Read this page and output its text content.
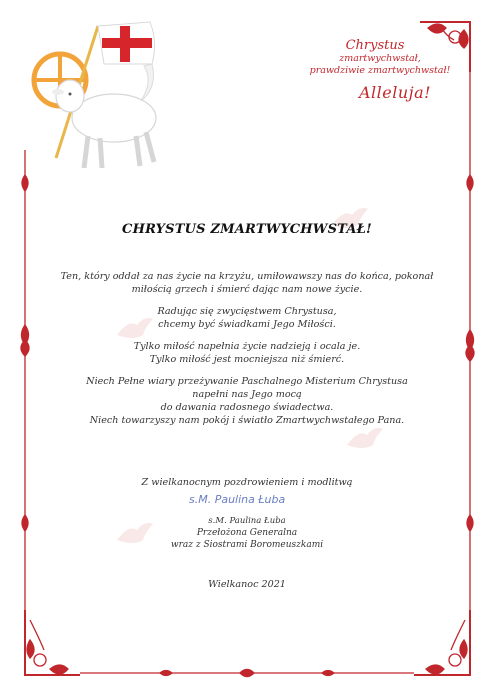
Chrystus
zmartwychwstał,
prawdziwie zmartwychwstał!
Alleluja!
CHRYSTUS ZMARTWYCHWSTAŁ!

Ten, który oddał za nas życie na krzyżu, umiłowawszy nas do końca, pokonał
miłością grzech i śmierć dając nam nowe życie.

Radując się zwycięstwem Chrystusa,
chcemy być świadkami Jego Miłości.

Tylko miłość napełnia życie nadzieją i ocala je.
Tylko miłość jest mocniejsza niż śmierć.

Niech Pełne wiary przeżywanie Paschalnego Misterium Chrystusa
napełni nas Jego mocą
do dawania radosnego świadectwa.
Niech towarzyszy nam pokój i światło Zmartwychwstałego Pana.

Z wielkanocnym pozdrowieniem i modlitwą
s.M. Paulina Łuba
s.M. Paulina Łuba
Przełożona Generalna
wraz z Siostrami Boromeuszkami
Wielkanoc 2021
